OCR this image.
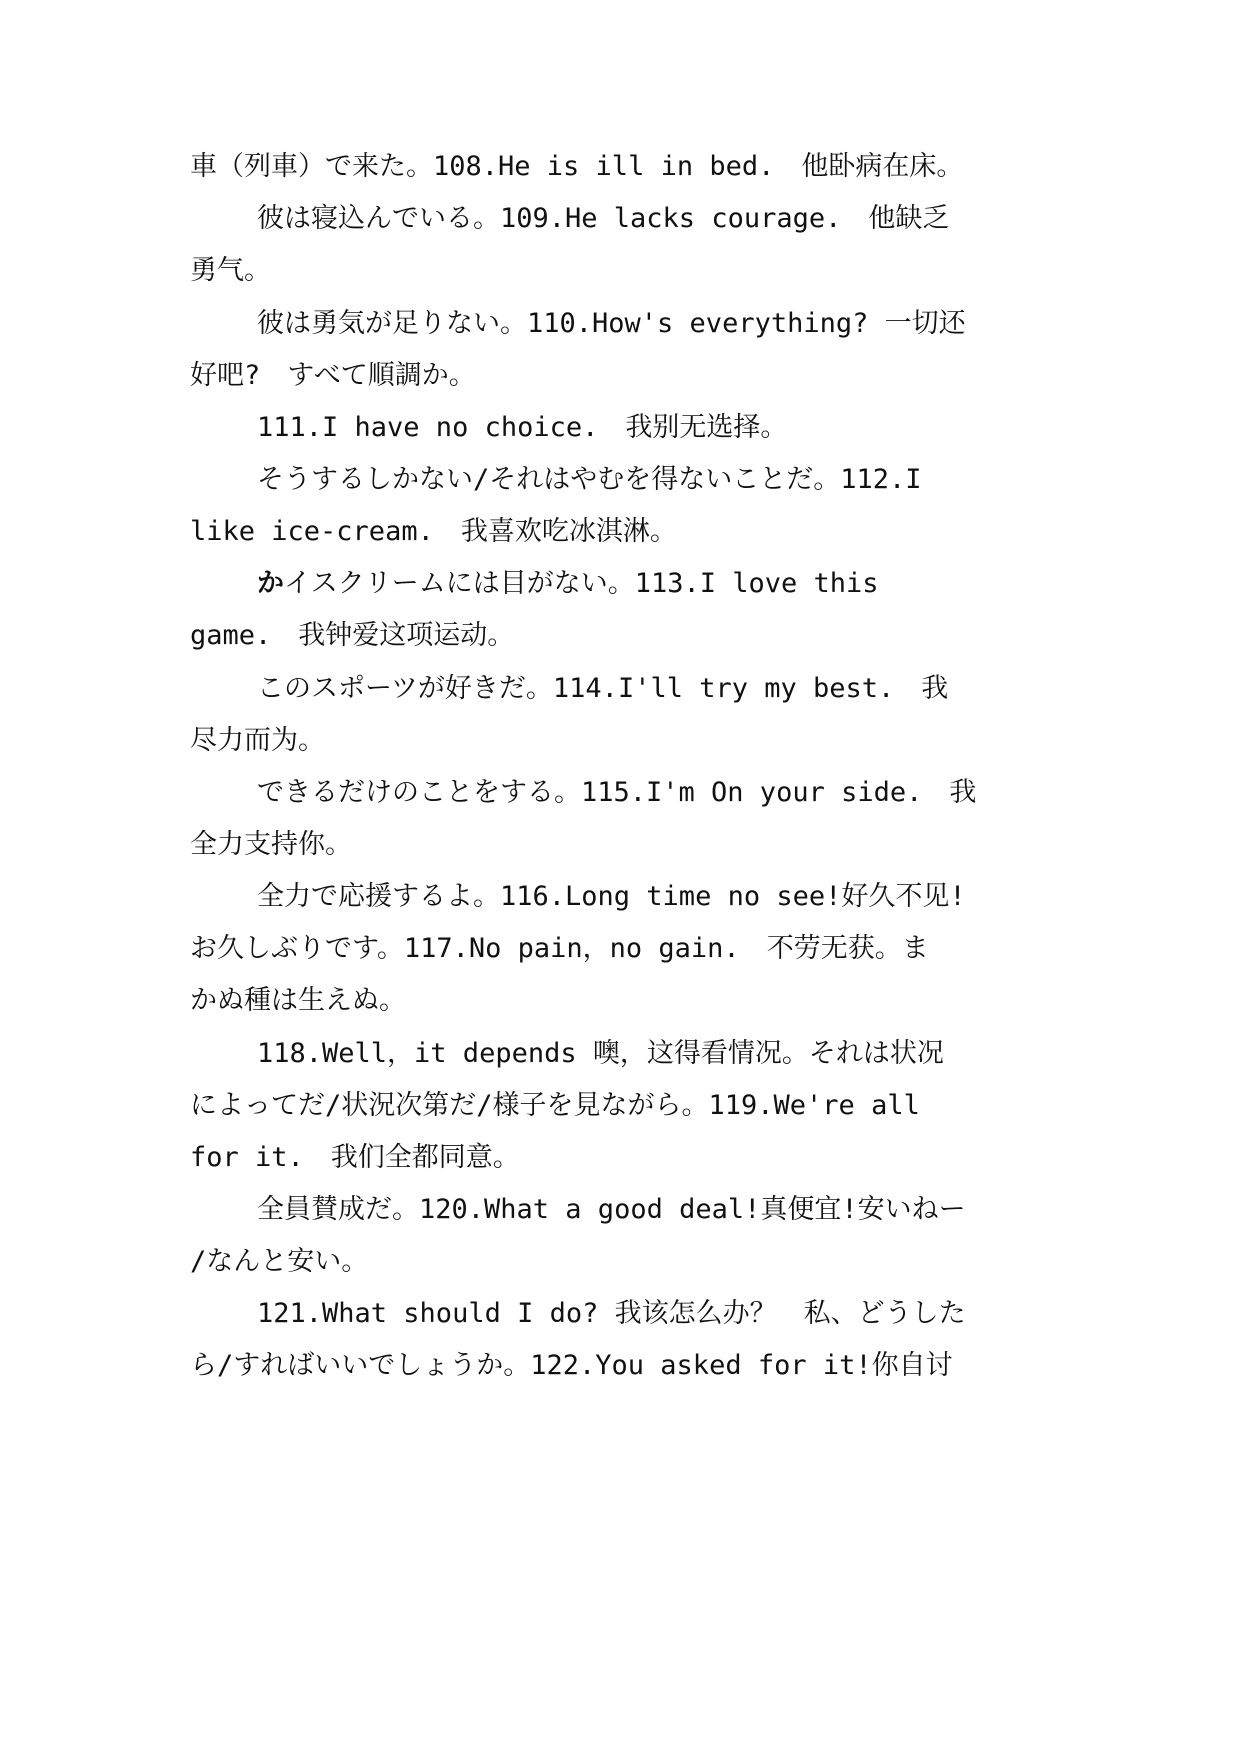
車（列車）で来た。108.He is ill in bed.　他卧病在床。
彼は寝込んでいる。109.He lacks courage.　他缺乏
勇气。
彼は勇気が足りない。110.How's everything? 一切还
好吧?　すべて順調か。
111.I have no choice.　我别无选择。
そうするしかない/それはやむを得ないことだ。112.I
like ice-cream.　我喜欢吃冰淇淋。
かイスクリームには目がない。113.I love this
game.　我钟爱这项运动。
このスポーツが好きだ。114.I'll try my best.　我
尽力而为。
できるだけのことをする。115.I'm On your side.　我
全力支持你。
全力で応援するよ。116.Long time no see!好久不见!
お久しぶりです。117.No pain，no gain.　不劳无获。ま
かぬ種は生えぬ。
118.Well，it depends 噢，这得看情况。それは状况
によってだ/状況次第だ/様子を見ながら。119.We're all
for it.　我们全都同意。
全員賛成だ。120.What a good deal!真便宜!安いねー
/なんと安い。
121.What should I do? 我该怎么办？　私、どうした
ら/すればいいでしょうか。122.You asked for it!你自讨
